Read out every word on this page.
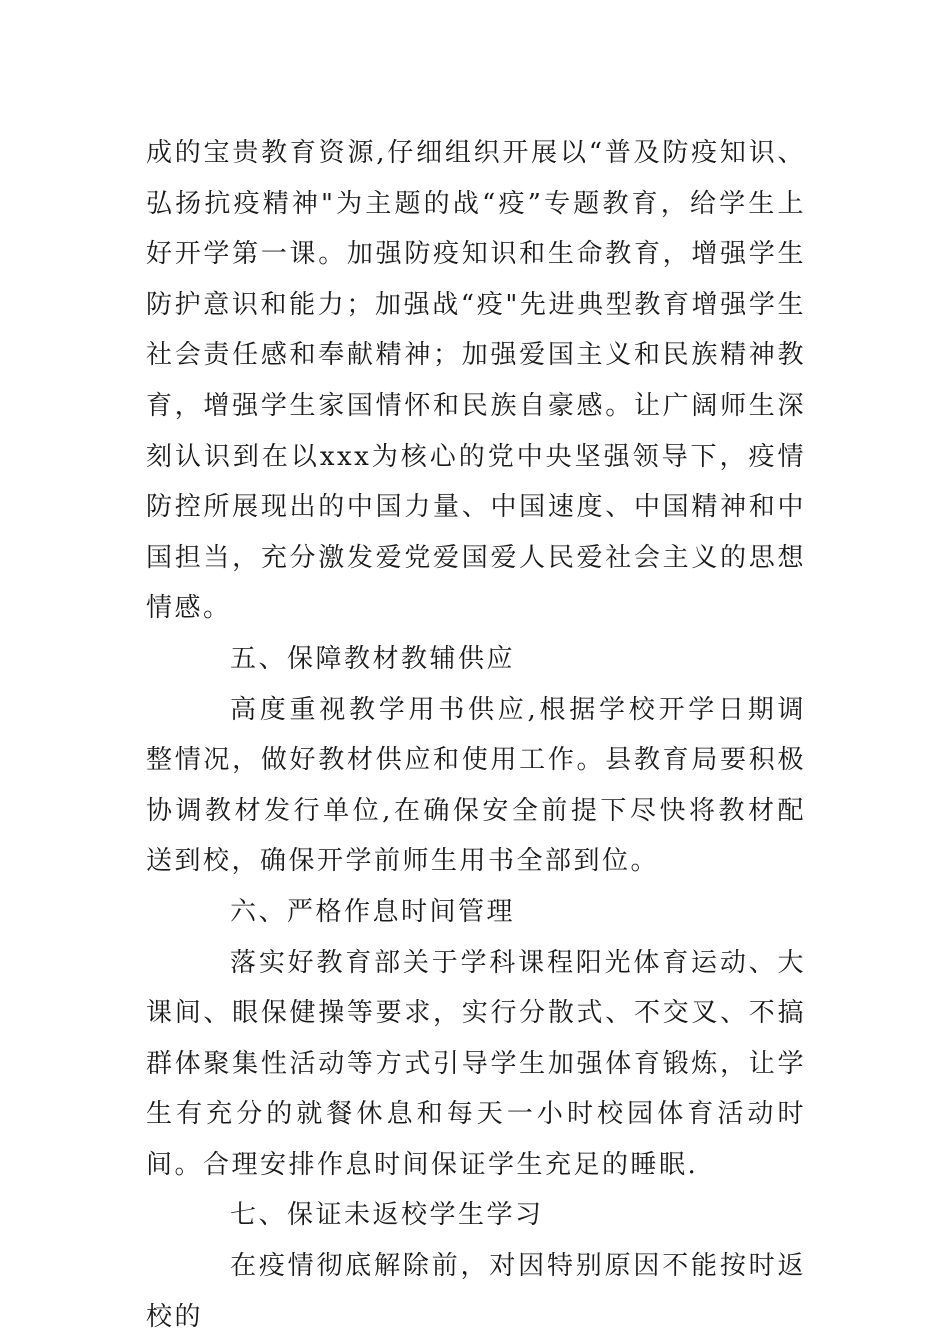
成的宝贵教育资源,仔细组织开展以“普及防疫知识、弘扬抗疫精神"为主题的战“疫”专题教育，给学生上好开学第一课。加强防疫知识和生命教育，增强学生防护意识和能力；加强战“疫"先进典型教育增强学生社会责任感和奉献精神；加强爱国主义和民族精神教育，增强学生家国情怀和民族自豪感。让广阔师生深刻认识到在以xxx为核心的党中央坚强领导下，疫情防控所展现出的中国力量、中国速度、中国精神和中国担当，充分激发爱党爱国爱人民爱社会主义的思想情感。

五、保障教材教辅供应

高度重视教学用书供应,根据学校开学日期调整情况，做好教材供应和使用工作。县教育局要积极协调教材发行单位,在确保安全前提下尽快将教材配送到校，确保开学前师生用书全部到位。

六、严格作息时间管理

落实好教育部关于学科课程阳光体育运动、大课间、眼保健操等要求，实行分散式、不交叉、不搞群体聚集性活动等方式引导学生加强体育锻炼，让学生有充分的就餐休息和每天一小时校园体育活动时间。合理安排作息时间保证学生充足的睡眠.

七、保证未返校学生学习

在疫情彻底解除前，对因特别原因不能按时返校的
